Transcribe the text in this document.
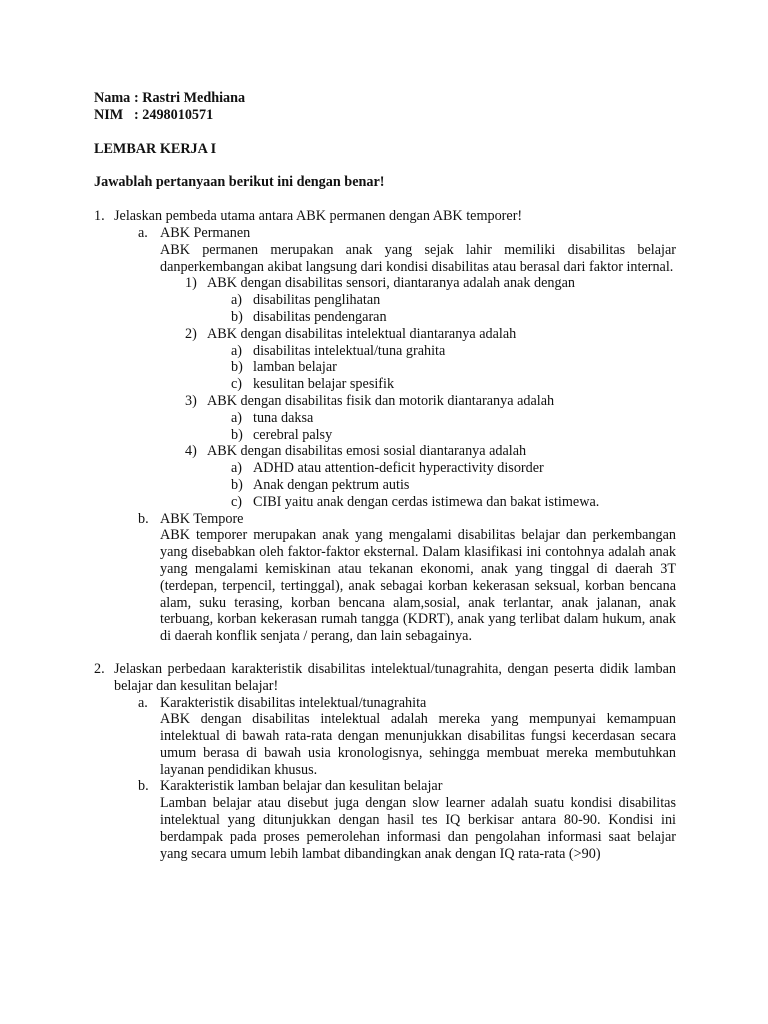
Nama : Rastri Medhiana
NIM : 2498010571
LEMBAR KERJA I
Jawablah pertanyaan berikut ini dengan benar!
1. Jelaskan pembeda utama antara ABK permanen dengan ABK temporer!
a. ABK Permanen
ABK permanen merupakan anak yang sejak lahir memiliki disabilitas belajar danperkembangan akibat langsung dari kondisi disabilitas atau berasal dari faktor internal.
1) ABK dengan disabilitas sensori, diantaranya adalah anak dengan
a) disabilitas penglihatan
b) disabilitas pendengaran
2) ABK dengan disabilitas intelektual diantaranya adalah
a) disabilitas intelektual/tuna grahita
b) lamban belajar
c) kesulitan belajar spesifik
3) ABK dengan disabilitas fisik dan motorik diantaranya adalah
a) tuna daksa
b) cerebral palsy
4) ABK dengan disabilitas emosi sosial diantaranya adalah
a) ADHD atau attention-deficit hyperactivity disorder
b) Anak dengan pektrum autis
c) CIBI yaitu anak dengan cerdas istimewa dan bakat istimewa.
b. ABK Tempore
ABK temporer merupakan anak yang mengalami disabilitas belajar dan perkembangan yang disebabkan oleh faktor-faktor eksternal. Dalam klasifikasi ini contohnya adalah anak yang mengalami kemiskinan atau tekanan ekonomi, anak yang tinggal di daerah 3T (terdepan, terpencil, tertinggal), anak sebagai korban kekerasan seksual, korban bencana alam, suku terasing, korban bencana alam,sosial, anak terlantar, anak jalanan, anak terbuang, korban kekerasan rumah tangga (KDRT), anak yang terlibat dalam hukum, anak di daerah konflik senjata / perang, dan lain sebagainya.
2. Jelaskan perbedaan karakteristik disabilitas intelektual/tunagrahita, dengan peserta didik lamban belajar dan kesulitan belajar!
a. Karakteristik disabilitas intelektual/tunagrahita
ABK dengan disabilitas intelektual adalah mereka yang mempunyai kemampuan intelektual di bawah rata-rata dengan menunjukkan disabilitas fungsi kecerdasan secara umum berasa di bawah usia kronologisnya, sehingga membuat mereka membutuhkan layanan pendidikan khusus.
b. Karakteristik lamban belajar dan kesulitan belajar
Lamban belajar atau disebut juga dengan slow learner adalah suatu kondisi disabilitas intelektual yang ditunjukkan dengan hasil tes IQ berkisar antara 80-90. Kondisi ini berdampak pada proses pemerolehan informasi dan pengolahan informasi saat belajar yang secara umum lebih lambat dibandingkan anak dengan IQ rata-rata (>90)
